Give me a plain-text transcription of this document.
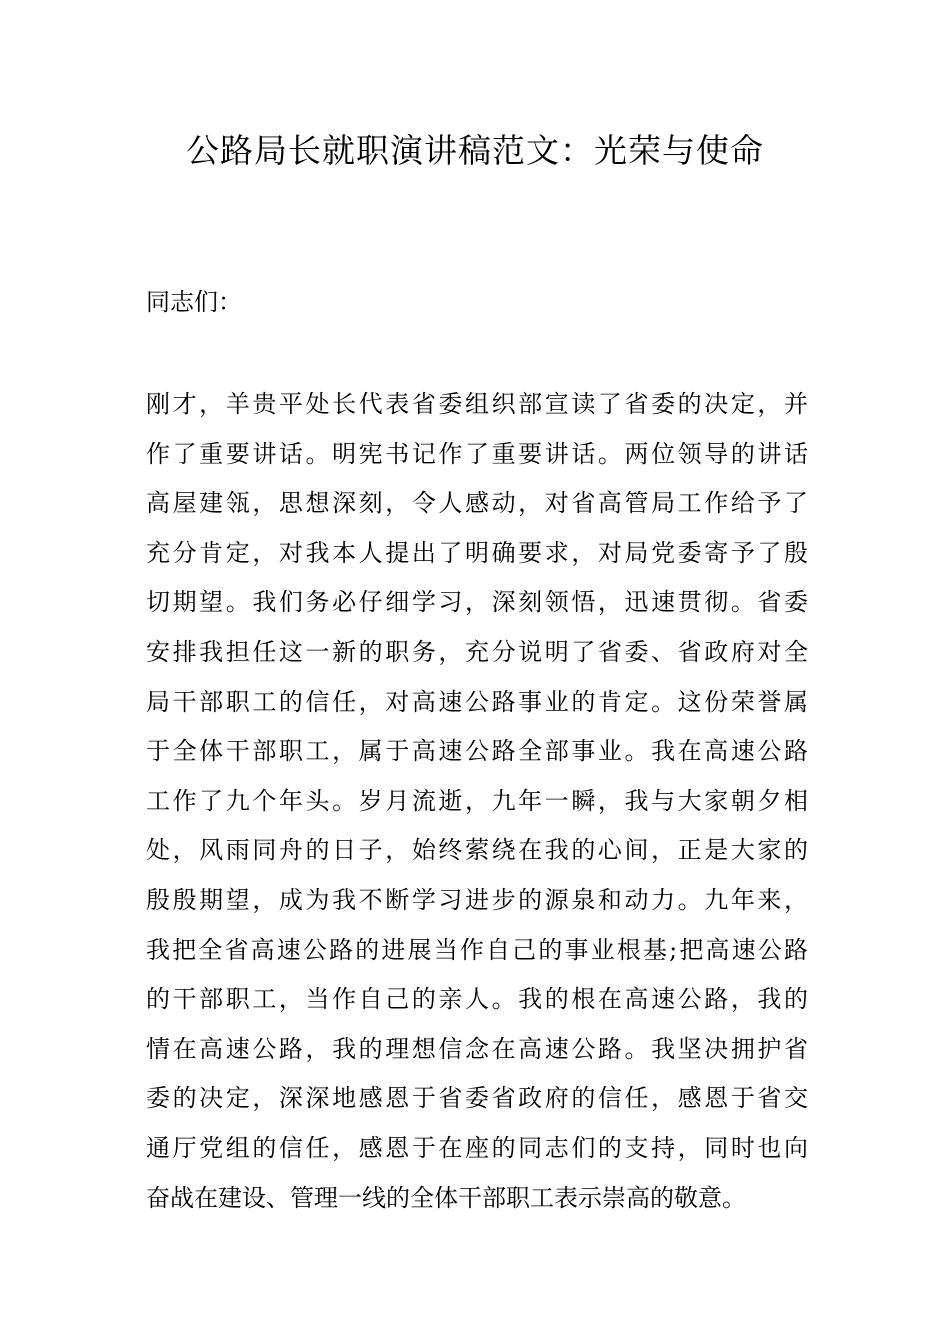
公路局长就职演讲稿范文：光荣与使命

同志们：

刚才，羊贵平处长代表省委组织部宣读了省委的决定，并
作了重要讲话。明宪书记作了重要讲话。两位领导的讲话
高屋建瓴，思想深刻，令人感动，对省高管局工作给予了
充分肯定，对我本人提出了明确要求，对局党委寄予了殷
切期望。我们务必仔细学习，深刻领悟，迅速贯彻。省委
安排我担任这一新的职务，充分说明了省委、省政府对全
局干部职工的信任，对高速公路事业的肯定。这份荣誉属
于全体干部职工，属于高速公路全部事业。我在高速公路
工作了九个年头。岁月流逝，九年一瞬，我与大家朝夕相
处，风雨同舟的日子，始终萦绕在我的心间，正是大家的
殷殷期望，成为我不断学习进步的源泉和动力。九年来，
我把全省高速公路的进展当作自己的事业根基;把高速公路
的干部职工，当作自己的亲人。我的根在高速公路，我的
情在高速公路，我的理想信念在高速公路。我坚决拥护省
委的决定，深深地感恩于省委省政府的信任，感恩于省交
通厅党组的信任，感恩于在座的同志们的支持，同时也向
奋战在建设、管理一线的全体干部职工表示崇高的敬意。
